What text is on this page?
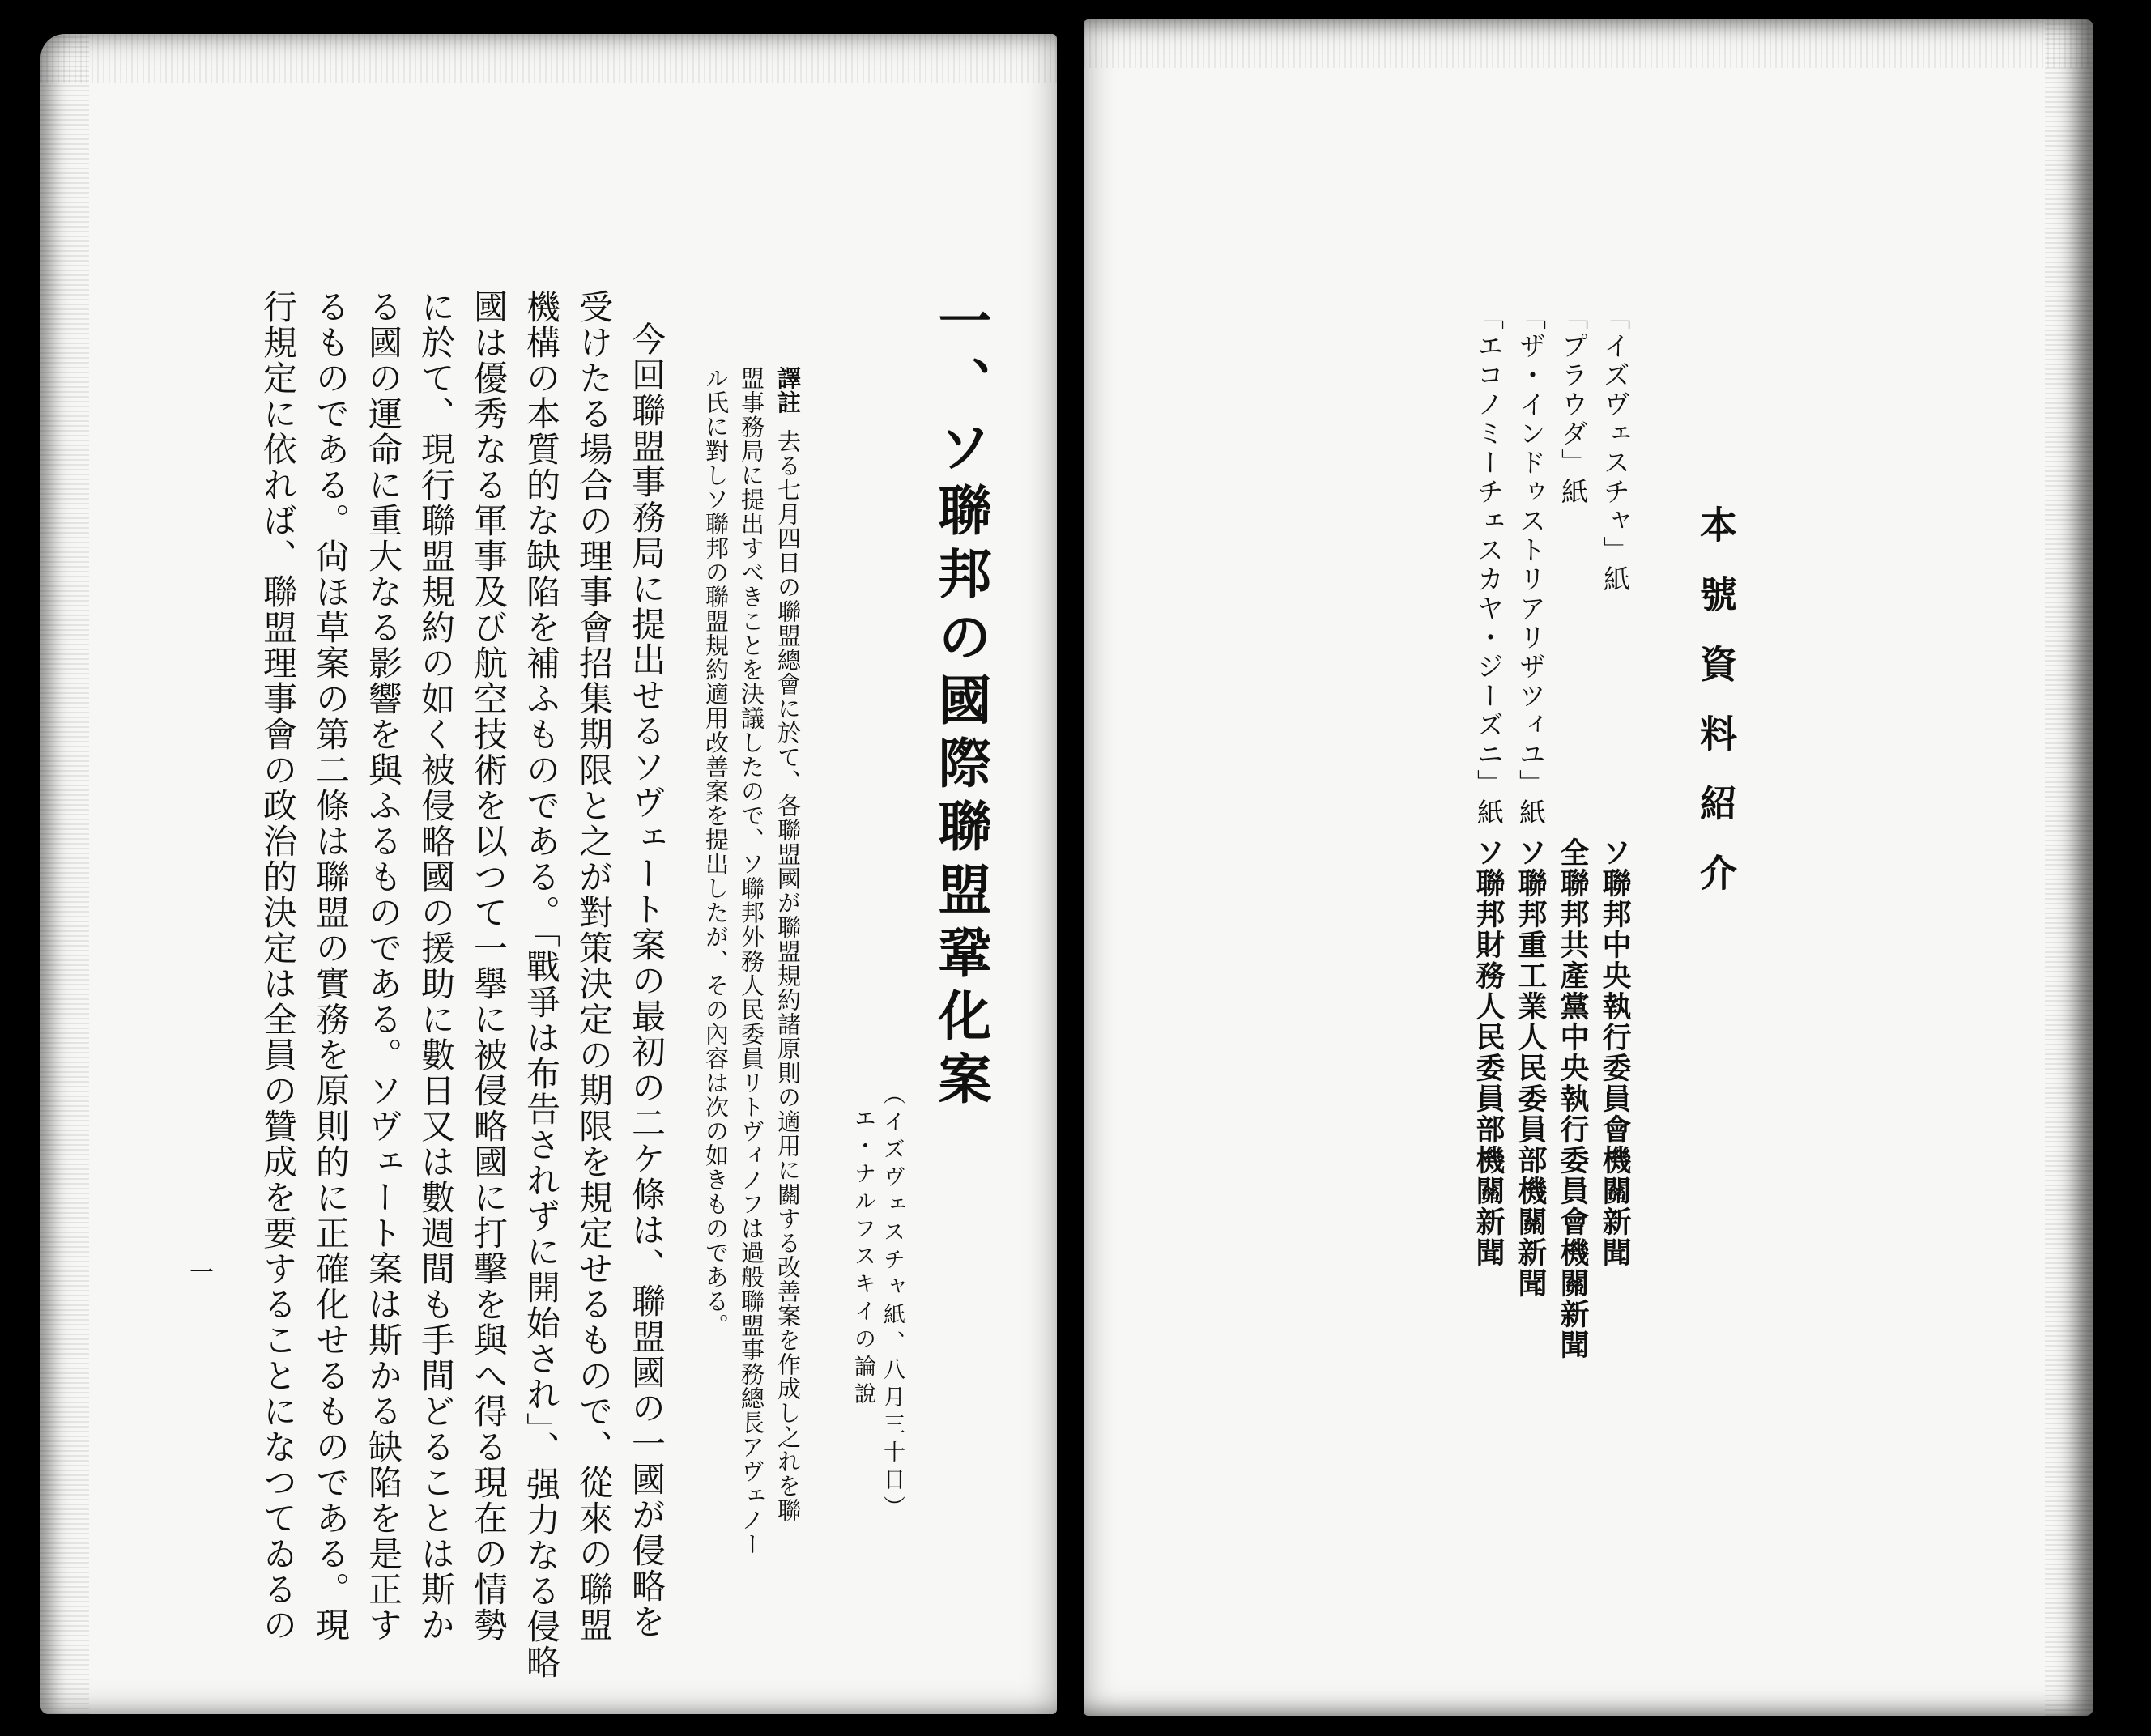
一、ソ聯邦の國際聯盟鞏化案
（イズヴェスチャ紙、八月三十日）
エ・ナルフスキイの論說
譯註去る七月四日の聯盟總會に於て、各聯盟國が聯盟規約諸原則の適用に關する改善案を作成し之れを聯
盟事務局に提出すべきことを決議したので、ソ聯邦外務人民委員リトヴィノフは過般聯盟事務總長アヴェノー
ル氏に對しソ聯邦の聯盟規約適用改善案を提出したが、その內容は次の如きものである。
今回聯盟事務局に提出せるソヴェート案の最初の二ケ條は、聯盟國の一國が侵略を
受けたる場合の理事會招集期限と之が對策決定の期限を規定せるもので、從來の聯盟
機構の本質的な缺陷を補ふものである。「戰爭は布告されずに開始され」、强力なる侵略
國は優秀なる軍事及び航空技術を以つて一擧に被侵略國に打擊を與へ得る現在の情勢
に於て、現行聯盟規約の如く被侵略國の援助に數日又は數週間も手間どることは斯か
る國の運命に重大なる影響を與ふるものである。ソヴェート案は斯かる缺陷を是正す
るものである。尙ほ草案の第二條は聯盟の實務を原則的に正確化せるものである。現
行規定に依れば、聯盟理事會の政治的決定は全員の贊成を要することになつてゐるの
一
本號資料紹介
「イズヴェスチャ」紙
「プラウダ」紙
「ザ・インドゥストリアリザツィユ」紙
「エコノミーチェスカヤ・ジーズニ」紙
ソ聯邦中央執行委員會機關新聞
全聯邦共產黨中央執行委員會機關新聞
ソ聯邦重工業人民委員部機關新聞
ソ聯邦財務人民委員部機關新聞
